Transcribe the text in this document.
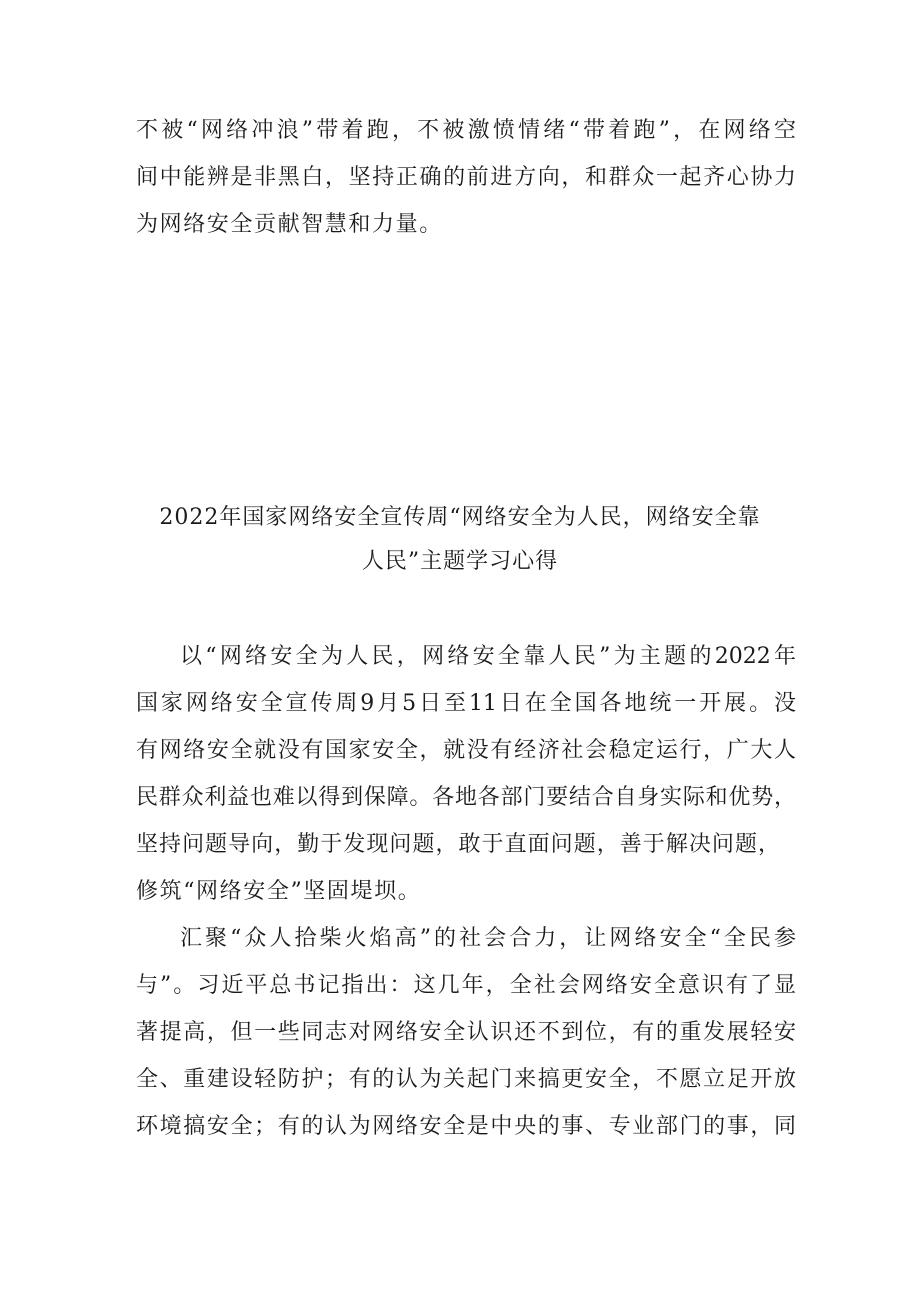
不被“网络冲浪”带着跑，不被激愤情绪“带着跑”，在网络空
间中能辨是非黑白，坚持正确的前进方向，和群众一起齐心协力
为网络安全贡献智慧和力量。
2022年国家网络安全宣传周“网络安全为人民，网络安全靠
人民”主题学习心得
以“网络安全为人民，网络安全靠人民”为主题的2022年
国家网络安全宣传周9月5日至11日在全国各地统一开展。没
有网络安全就没有国家安全，就没有经济社会稳定运行，广大人
民群众利益也难以得到保障。各地各部门要结合自身实际和优势，
坚持问题导向，勤于发现问题，敢于直面问题，善于解决问题，
修筑“网络安全”坚固堤坝。
汇聚“众人拾柴火焰高”的社会合力，让网络安全“全民参
与”。习近平总书记指出：这几年，全社会网络安全意识有了显
著提高，但一些同志对网络安全认识还不到位，有的重发展轻安
全、重建设轻防护；有的认为关起门来搞更安全，不愿立足开放
环境搞安全；有的认为网络安全是中央的事、专业部门的事，同
